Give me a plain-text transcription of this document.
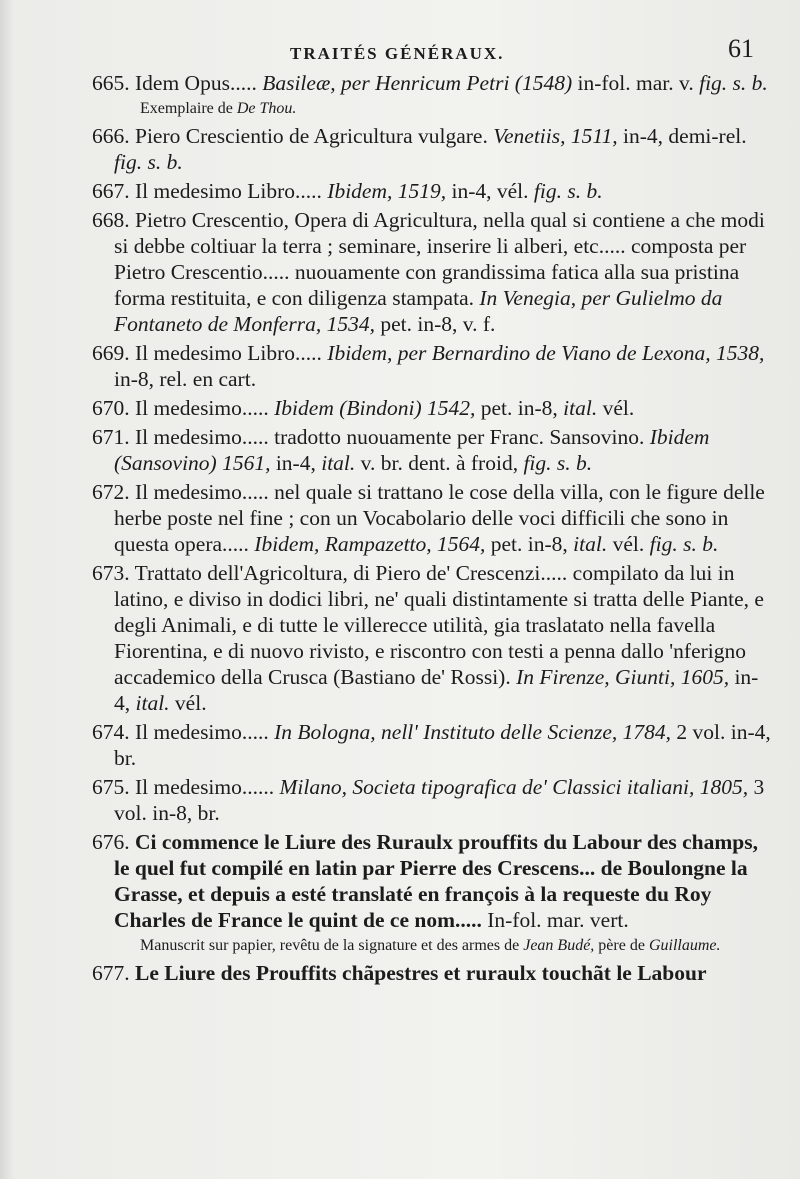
TRAITÉS GÉNÉRAUX.	61

665. Idem Opus..... Basileæ, per Henricum Petri (1548) in-fol. mar. v. fig. s. b.

Exemplaire de De Thou.

666. Piero Crescientio de Agricultura vulgare. Venetiis, 1511, in-4, demi-rel. fig. s. b.

667. Il medesimo Libro..... Ibidem, 1519, in-4, vél. fig. s. b.

668. Pietro Crescentio, Opera di Agricultura, nella qual si contiene a che modi si debbe coltiuar la terra ; seminare, inserire li alberi, etc..... composta per Pietro Crescentio..... nuouamente con grandissima fatica alla sua pristina forma restituita, e con diligenza stampata. In Venegia, per Gulielmo da Fontaneto de Monferra, 1534, pet. in-8, v. f.

669. Il medesimo Libro..... Ibidem, per Bernardino de Viano de Lexona, 1538, in-8, rel. en cart.

670. Il medesimo..... Ibidem (Bindoni) 1542, pet. in-8, ital. vél.

671. Il medesimo..... tradotto nuouamente per Franc. Sansovino. Ibidem (Sansovino) 1561, in-4, ital. v. br. dent. à froid, fig. s. b.

672. Il medesimo..... nel quale si trattano le cose della villa, con le figure delle herbe poste nel fine ; con un Vocabolario delle voci difficili che sono in questa opera..... Ibidem, Rampazetto, 1564, pet. in-8, ital. vél. fig. s. b.

673. Trattato dell'Agricoltura, di Piero de' Crescenzi..... compilato da lui in latino, e diviso in dodici libri, ne' quali distintamente si tratta delle Piante, e degli Animali, e di tutte le villerecce utilità, gia traslatato nella favella Fiorentina, e di nuovo rivisto, e riscontro con testi a penna dallo 'nferigno accademico della Crusca (Bastiano de' Rossi). In Firenze, Giunti, 1605, in-4, ital. vél.

674. Il medesimo..... In Bologna, nell' Instituto delle Scienze, 1784, 2 vol. in-4, br.

675. Il medesimo...... Milano, Societa tipografica de' Classici italiani, 1805, 3 vol. in-8, br.

676. Ci commence le Liure des Ruraulx prouffits du Labour des champs, le quel fut compilé en latin par Pierre des Crescens... de Boulongne la Grasse, et depuis a esté translaté en françois à la requeste du Roy Charles de France le quint de ce nom..... In-fol. mar. vert.

Manuscrit sur papier, revêtu de la signature et des armes de Jean Budé, père de Guillaume.

677. Le Liure des Prouffits chãpestres et ruraulx touchãt le Labour
